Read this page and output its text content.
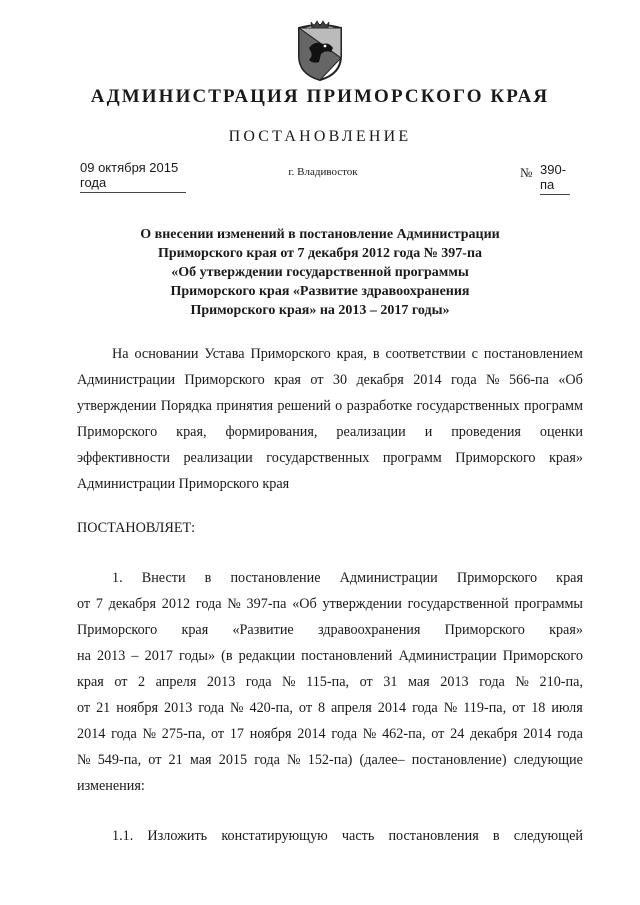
АДМИНИСТРАЦИЯ ПРИМОРСКОГО КРАЯ
ПОСТАНОВЛЕНИЕ
09 октября 2015 года
г. Владивосток	№ 390-па
О внесении изменений в постановление Администрации
Приморского края от 7 декабря 2012 года № 397-па
«Об утверждении государственной программы
Приморского края «Развитие здравоохранения
Приморского края» на 2013 – 2017 годы»
На основании Устава Приморского края, в соответствии с постановлением
Администрации Приморского края от 30 декабря 2014 года № 566-па «Об
утверждении Порядка принятия решений о разработке государственных программ
Приморского края, формирования, реализации и проведения оценки
эффективности реализации государственных программ Приморского края»
Администрации Приморского края
ПОСТАНОВЛЯЕТ:
1. Внести в постановление Администрации Приморского края
от 7 декабря 2012 года № 397-па «Об утверждении государственной программы
Приморского края «Развитие здравоохранения Приморского края»
на 2013 – 2017 годы» (в редакции постановлений Администрации Приморского
края от 2 апреля 2013 года № 115-па, от 31 мая 2013 года № 210-па,
от 21 ноября 2013 года № 420-па, от 8 апреля 2014 года № 119-па, от 18 июля
2014 года № 275-па, от 17 ноября 2014 года № 462-па, от 24 декабря 2014 года
№ 549-па, от 21 мая 2015 года № 152-па) (далее– постановление) следующие
изменения:
1.1. Изложить констатирующую часть постановления в следующей
